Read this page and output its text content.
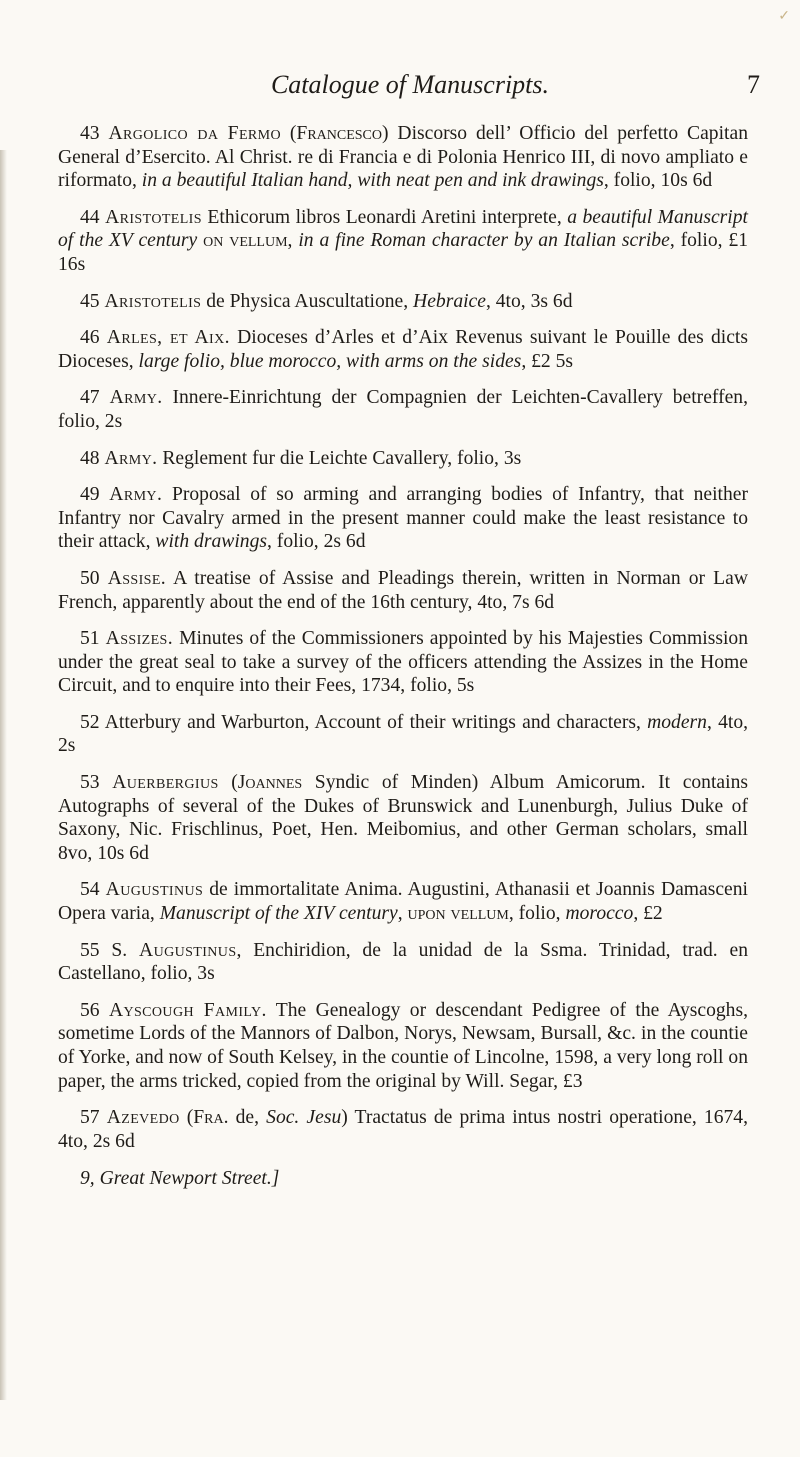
✓
Catalogue of Manuscripts.	7

43 Argolico da Fermo (Francesco) Discorso dell’ Officio del perfetto Capitan General d’Esercito. Al Christ. re di Francia e di Polonia Henrico III, di novo ampliato e riformato, in a beautiful Italian hand, with neat pen and ink drawings, folio, 10s 6d

44 Aristotelis Ethicorum libros Leonardi Aretini interprete, a beautiful Manuscript of the XV century on vellum, in a fine Roman character by an Italian scribe, folio, £1 16s

45 Aristotelis de Physica Auscultatione, Hebraice, 4to, 3s 6d

46 Arles, et Aix. Dioceses d’Arles et d’Aix Revenus suivant le Pouille des dicts Dioceses, large folio, blue morocco, with arms on the sides, £2 5s

47 Army. Innere-Einrichtung der Compagnien der Leichten-Cavallery betreffen, folio, 2s

48 Army. Reglement fur die Leichte Cavallery, folio, 3s

49 Army. Proposal of so arming and arranging bodies of Infantry, that neither Infantry nor Cavalry armed in the present manner could make the least resistance to their attack, with drawings, folio, 2s 6d

50 Assise. A treatise of Assise and Pleadings therein, written in Norman or Law French, apparently about the end of the 16th century, 4to, 7s 6d

51 Assizes. Minutes of the Commissioners appointed by his Majesties Commission under the great seal to take a survey of the officers attending the Assizes in the Home Circuit, and to enquire into their Fees, 1734, folio, 5s

52 Atterbury and Warburton, Account of their writings and characters, modern, 4to, 2s

53 Auerbergius (Joannes Syndic of Minden) Album Amicorum. It contains Autographs of several of the Dukes of Brunswick and Lunenburgh, Julius Duke of Saxony, Nic. Frischlinus, Poet, Hen. Meibomius, and other German scholars, small 8vo, 10s 6d

54 Augustinus de immortalitate Anima. Augustini, Athanasii et Joannis Damasceni Opera varia, Manuscript of the XIV century, upon vellum, folio, morocco, £2

55 S. Augustinus, Enchiridion, de la unidad de la Ssma. Trinidad, trad. en Castellano, folio, 3s

56 Ayscough Family. The Genealogy or descendant Pedigree of the Ayscoghs, sometime Lords of the Mannors of Dalbon, Norys, Newsam, Bursall, &c. in the countie of Yorke, and now of South Kelsey, in the countie of Lincolne, 1598, a very long roll on paper, the arms tricked, copied from the original by Will. Segar, £3

57 Azevedo (Fra. de, Soc. Jesu) Tractatus de prima intus nostri operatione, 1674, 4to, 2s 6d

9, Great Newport Street.]
